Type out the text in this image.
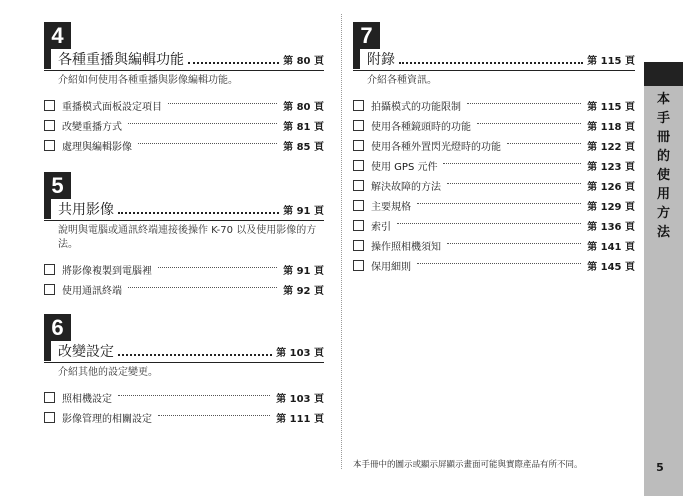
4
各種重播與編輯功能	第 80 頁
介紹如何使用各種重播與影像編輯功能。
重播模式面板設定項目	第 80 頁
改變重播方式	第 81 頁
處理與編輯影像	第 85 頁
5
共用影像	第 91 頁
說明與電腦或通訊終端連接後操作 K-70 以及使用影像的方法。
將影像複製到電腦裡	第 91 頁
使用通訊終端	第 92 頁
6
改變設定	第 103 頁
介紹其他的設定變更。
照相機設定	第 103 頁
影像管理的相關設定	第 111 頁
7
附錄	第 115 頁
介紹各種資訊。
拍攝模式的功能限制	第 115 頁
使用各種鏡頭時的功能	第 118 頁
使用各種外置閃光燈時的功能	第 122 頁
使用 GPS 元件	第 123 頁
解決故障的方法	第 126 頁
主要規格	第 129 頁
索引	第 136 頁
操作照相機須知	第 141 頁
保用細則	第 145 頁
本手冊中的圖示或顯示屏顯示畫面可能與實際產品有所不同。
本
手
冊
的
使
用
方
法
5
